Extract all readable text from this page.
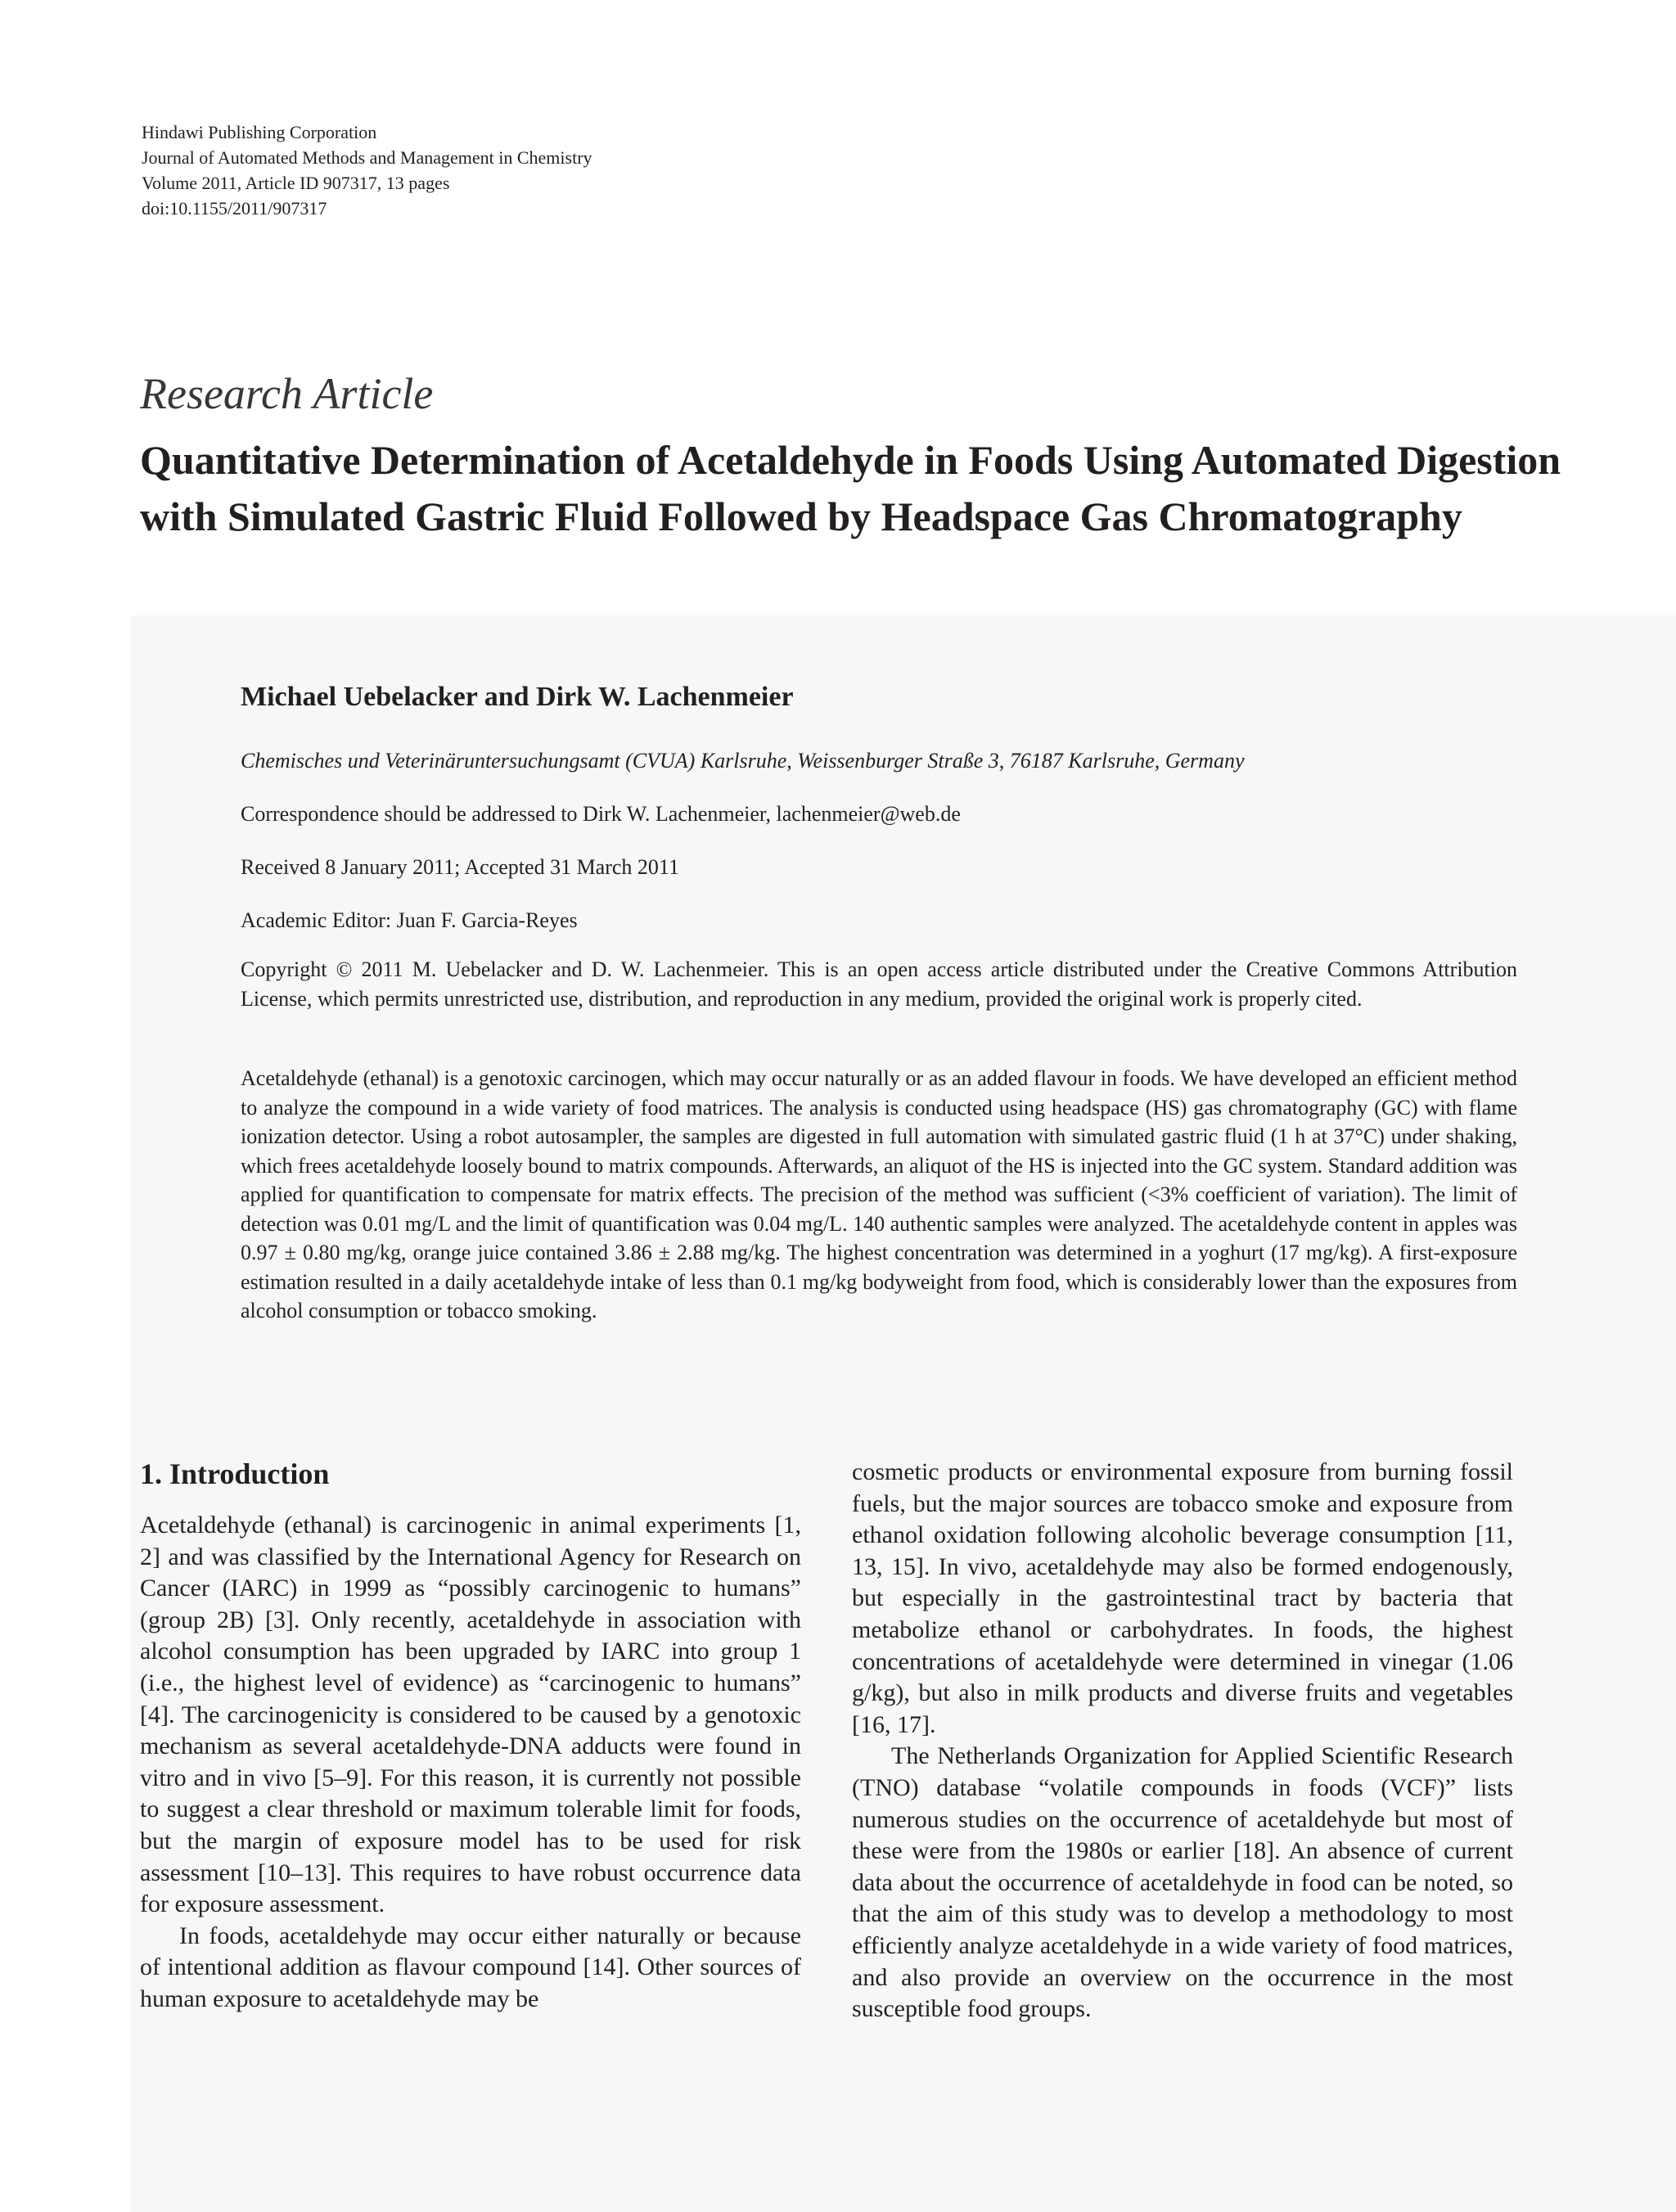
Hindawi Publishing Corporation
Journal of Automated Methods and Management in Chemistry
Volume 2011, Article ID 907317, 13 pages
doi:10.1155/2011/907317
Research Article
Quantitative Determination of Acetaldehyde in Foods Using Automated Digestion with Simulated Gastric Fluid Followed by Headspace Gas Chromatography
Michael Uebelacker and Dirk W. Lachenmeier
Chemisches und Veterinäruntersuchungsamt (CVUA) Karlsruhe, Weissenburger Straße 3, 76187 Karlsruhe, Germany
Correspondence should be addressed to Dirk W. Lachenmeier, lachenmeier@web.de
Received 8 January 2011; Accepted 31 March 2011
Academic Editor: Juan F. Garcia-Reyes
Copyright © 2011 M. Uebelacker and D. W. Lachenmeier. This is an open access article distributed under the Creative Commons Attribution License, which permits unrestricted use, distribution, and reproduction in any medium, provided the original work is properly cited.
Acetaldehyde (ethanal) is a genotoxic carcinogen, which may occur naturally or as an added flavour in foods. We have developed an efficient method to analyze the compound in a wide variety of food matrices. The analysis is conducted using headspace (HS) gas chromatography (GC) with flame ionization detector. Using a robot autosampler, the samples are digested in full automation with simulated gastric fluid (1 h at 37°C) under shaking, which frees acetaldehyde loosely bound to matrix compounds. Afterwards, an aliquot of the HS is injected into the GC system. Standard addition was applied for quantification to compensate for matrix effects. The precision of the method was sufficient (<3% coefficient of variation). The limit of detection was 0.01 mg/L and the limit of quantification was 0.04 mg/L. 140 authentic samples were analyzed. The acetaldehyde content in apples was 0.97 ± 0.80 mg/kg, orange juice contained 3.86 ± 2.88 mg/kg. The highest concentration was determined in a yoghurt (17 mg/kg). A first-exposure estimation resulted in a daily acetaldehyde intake of less than 0.1 mg/kg bodyweight from food, which is considerably lower than the exposures from alcohol consumption or tobacco smoking.
1. Introduction

Acetaldehyde (ethanal) is carcinogenic in animal experiments [1, 2] and was classified by the International Agency for Research on Cancer (IARC) in 1999 as “possibly carcinogenic to humans” (group 2B) [3]. Only recently, acetaldehyde in association with alcohol consumption has been upgraded by IARC into group 1 (i.e., the highest level of evidence) as “carcinogenic to humans” [4]. The carcinogenicity is considered to be caused by a genotoxic mechanism as several acetaldehyde-DNA adducts were found in vitro and in vivo [5–9]. For this reason, it is currently not possible to suggest a clear threshold or maximum tolerable limit for foods, but the margin of exposure model has to be used for risk assessment [10–13]. This requires to have robust occurrence data for exposure assessment.

In foods, acetaldehyde may occur either naturally or because of intentional addition as flavour compound [14]. Other sources of human exposure to acetaldehyde may be

cosmetic products or environmental exposure from burning fossil fuels, but the major sources are tobacco smoke and exposure from ethanol oxidation following alcoholic beverage consumption [11, 13, 15]. In vivo, acetaldehyde may also be formed endogenously, but especially in the gastrointestinal tract by bacteria that metabolize ethanol or carbohydrates. In foods, the highest concentrations of acetaldehyde were determined in vinegar (1.06 g/kg), but also in milk products and diverse fruits and vegetables [16, 17].

The Netherlands Organization for Applied Scientific Research (TNO) database “volatile compounds in foods (VCF)” lists numerous studies on the occurrence of acetaldehyde but most of these were from the 1980s or earlier [18]. An absence of current data about the occurrence of acetaldehyde in food can be noted, so that the aim of this study was to develop a methodology to most efficiently analyze acetaldehyde in a wide variety of food matrices, and also provide an overview on the occurrence in the most susceptible food groups.
